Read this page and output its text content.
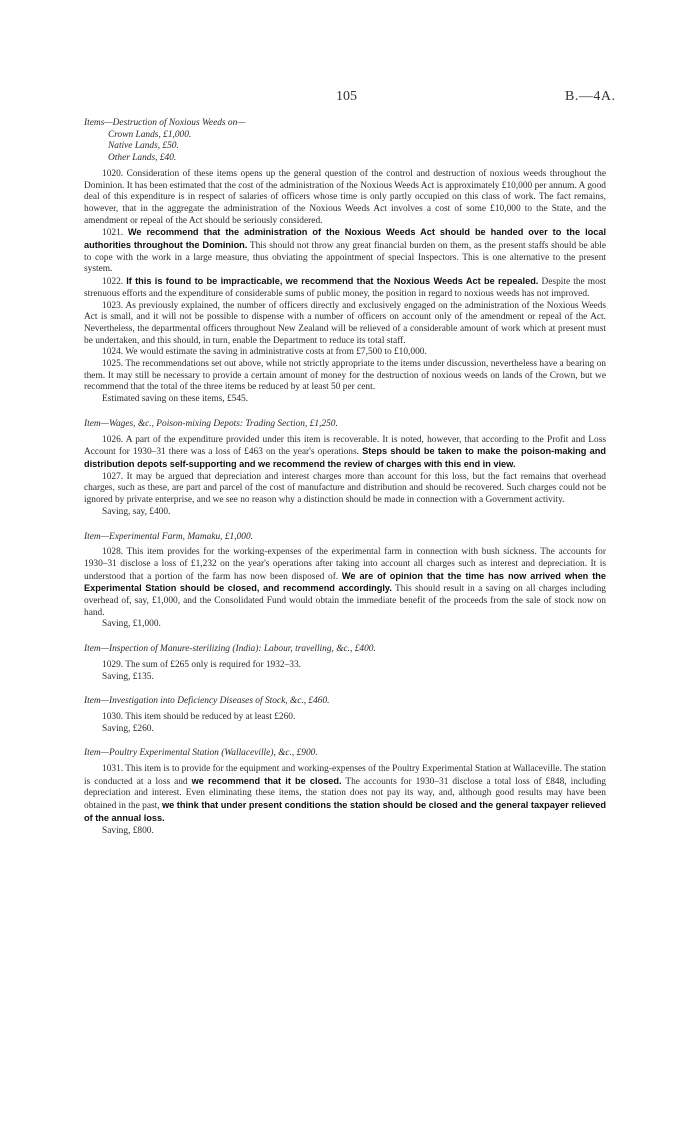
105	B.—4A.

Items—Destruction of Noxious Weeds on—

Crown Lands, £1,000.

Native Lands, £50.

Other Lands, £40.

1020. Consideration of these items opens up the general question of the control and destruction of noxious weeds throughout the Dominion. It has been estimated that the cost of the administration of the Noxious Weeds Act is approximately £10,000 per annum. A good deal of this expenditure is in respect of salaries of officers whose time is only partly occupied on this class of work. The fact remains, however, that in the aggregate the administration of the Noxious Weeds Act involves a cost of some £10,000 to the State, and the amendment or repeal of the Act should be seriously considered.

1021. We recommend that the administration of the Noxious Weeds Act should be handed over to the local authorities throughout the Dominion. This should not throw any great financial burden on them, as the present staffs should be able to cope with the work in a large measure, thus obviating the appointment of special Inspectors. This is one alternative to the present system.

1022. If this is found to be impracticable, we recommend that the Noxious Weeds Act be repealed. Despite the most strenuous efforts and the expenditure of considerable sums of public money, the position in regard to noxious weeds has not improved.

1023. As previously explained, the number of officers directly and exclusively engaged on the administration of the Noxious Weeds Act is small, and it will not be possible to dispense with a number of officers on account only of the amendment or repeal of the Act. Nevertheless, the departmental officers throughout New Zealand will be relieved of a considerable amount of work which at present must be undertaken, and this should, in turn, enable the Department to reduce its total staff.

1024. We would estimate the saving in administrative costs at from £7,500 to £10,000.

1025. The recommendations set out above, while not strictly appropriate to the items under discussion, nevertheless have a bearing on them. It may still be necessary to provide a certain amount of money for the destruction of noxious weeds on lands of the Crown, but we recommend that the total of the three items be reduced by at least 50 per cent.

Estimated saving on these items, £545.

Item—Wages, &c., Poison-mixing Depots: Trading Section, £1,250.

1026. A part of the expenditure provided under this item is recoverable. It is noted, however, that according to the Profit and Loss Account for 1930–31 there was a loss of £463 on the year's operations. Steps should be taken to make the poison-making and distribution depots self-supporting and we recommend the review of charges with this end in view.

1027. It may be argued that depreciation and interest charges more than account for this loss, but the fact remains that overhead charges, such as these, are part and parcel of the cost of manufacture and distribution and should be recovered. Such charges could not be ignored by private enterprise, and we see no reason why a distinction should be made in connection with a Government activity.

Saving, say, £400.

Item—Experimental Farm, Mamaku, £1,000.

1028. This item provides for the working-expenses of the experimental farm in connection with bush sickness. The accounts for 1930–31 disclose a loss of £1,232 on the year's operations after taking into account all charges such as interest and depreciation. It is understood that a portion of the farm has now been disposed of. We are of opinion that the time has now arrived when the Experimental Station should be closed, and recommend accordingly. This should result in a saving on all charges including overhead of, say, £1,000, and the Consolidated Fund would obtain the immediate benefit of the proceeds from the sale of stock now on hand.

Saving, £1,000.

Item—Inspection of Manure-sterilizing (India): Labour, travelling, &c., £400.

1029. The sum of £265 only is required for 1932–33.

Saving, £135.

Item—Investigation into Deficiency Diseases of Stock, &c., £460.

1030. This item should be reduced by at least £260.

Saving, £260.

Item—Poultry Experimental Station (Wallaceville), &c., £900.

1031. This item is to provide for the equipment and working-expenses of the Poultry Experimental Station at Wallaceville. The station is conducted at a loss and we recommend that it be closed. The accounts for 1930–31 disclose a total loss of £848, including depreciation and interest. Even eliminating these items, the station does not pay its way, and, although good results may have been obtained in the past, we think that under present conditions the station should be closed and the general taxpayer relieved of the annual loss.

Saving, £800.
